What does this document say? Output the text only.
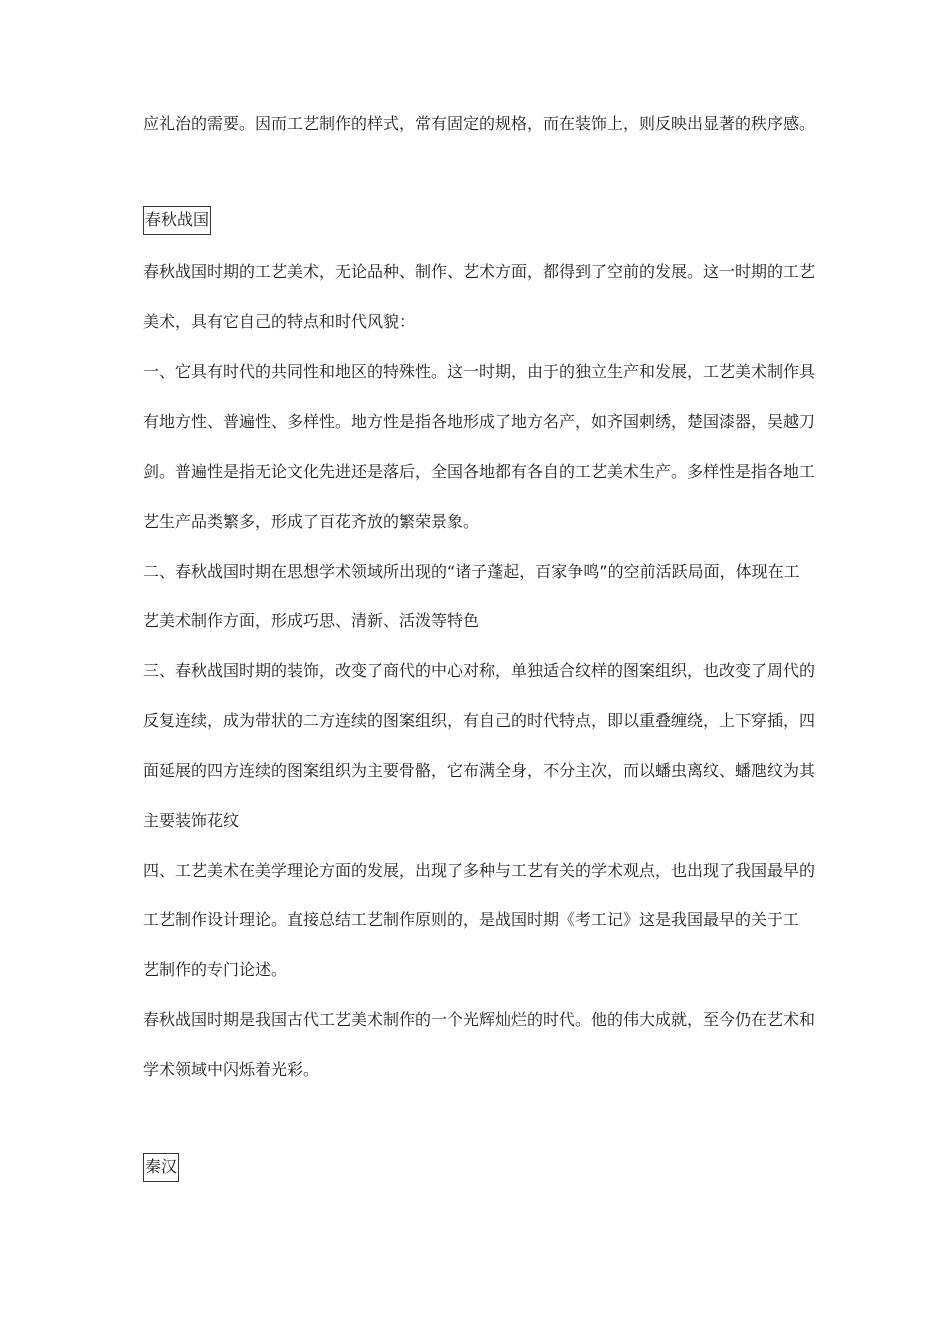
应礼治的需要。因而工艺制作的样式，常有固定的规格，而在装饰上，则反映出显著的秩序感。
春秋战国
春秋战国时期的工艺美术，无论品种、制作、艺术方面，都得到了空前的发展。这一时期的工艺
美术，具有它自己的特点和时代风貌：
一、它具有时代的共同性和地区的特殊性。这一时期，由于的独立生产和发展，工艺美术制作具
有地方性、普遍性、多样性。地方性是指各地形成了地方名产，如齐国刺绣，楚国漆器，吴越刀
剑。普遍性是指无论文化先进还是落后，全国各地都有各自的工艺美术生产。多样性是指各地工
艺生产品类繁多，形成了百花齐放的繁荣景象。
二、春秋战国时期在思想学术领域所出现的“诸子蓬起，百家争鸣”的空前活跃局面，体现在工
艺美术制作方面，形成巧思、清新、活泼等特色
三、春秋战国时期的装饰，改变了商代的中心对称，单独适合纹样的图案组织，也改变了周代的
反复连续，成为带状的二方连续的图案组织，有自己的时代特点，即以重叠缠绕，上下穿插，四
面延展的四方连续的图案组织为主要骨骼，它布满全身，不分主次，而以蟠虫离纹、蟠虺纹为其
主要装饰花纹
四、工艺美术在美学理论方面的发展，出现了多种与工艺有关的学术观点，也出现了我国最早的
工艺制作设计理论。直接总结工艺制作原则的，是战国时期《考工记》这是我国最早的关于工
艺制作的专门论述。
春秋战国时期是我国古代工艺美术制作的一个光辉灿烂的时代。他的伟大成就，至今仍在艺术和
学术领域中闪烁着光彩。
秦汉
